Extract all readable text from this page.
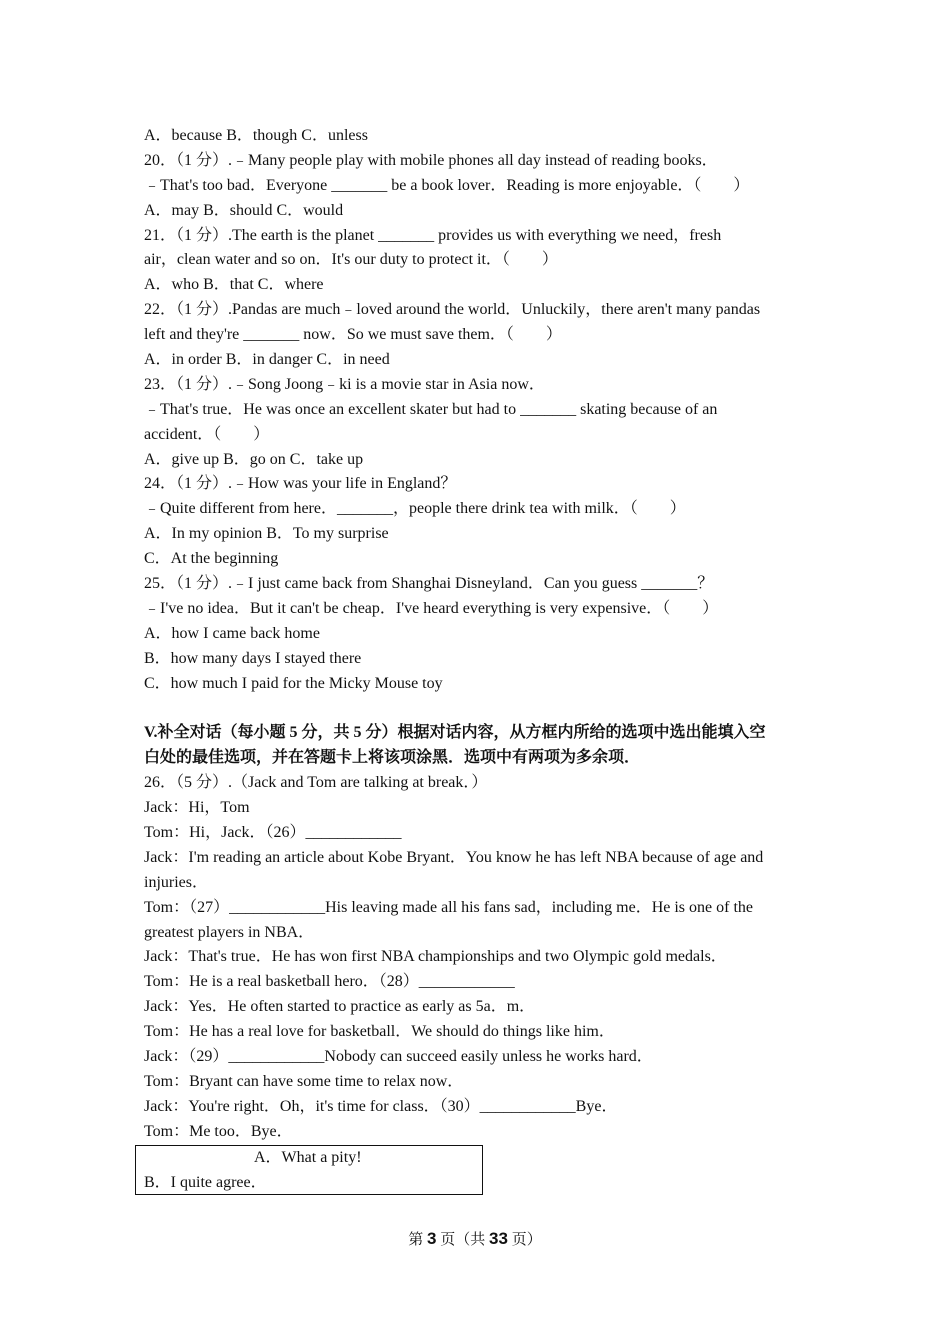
A．because B．though C．unless
20．（1 分）.﹣Many people play with mobile phones all day instead of reading books．
﹣That's too bad．Everyone _______ be a book lover．Reading is more enjoyable．（　　）
A．may B．should C．would
21．（1 分）.The earth is the planet _______ provides us with everything we need，fresh
air，clean water and so on．It's our duty to protect it．（　　）
A．who B．that C．where
22．（1 分）.Pandas are much﹣loved around the world．Unluckily，there aren't many pandas
left and they're _______ now．So we must save them．（　　）
A．in order B．in danger C．in need
23．（1 分）.﹣Song Joong﹣ki is a movie star in Asia now．
﹣That's true．He was once an excellent skater but had to _______ skating because of an
accident．（　　）
A．give up B．go on C．take up
24．（1 分）.﹣How was your life in England？
﹣Quite different from here．_______，people there drink tea with milk．（　　）
A．In my opinion B．To my surprise
C．At the beginning
25．（1 分）.﹣I just came back from Shanghai Disneyland．Can you guess _______？
﹣I've no idea．But it can't be cheap．I've heard everything is very expensive．（　　）
A．how I came back home
B．how many days I stayed there
C．how much I paid for the Micky Mouse toy
V.补全对话（每小题 5 分，共 5 分）根据对话内容，从方框内所给的选项中选出能填入空
白处的最佳选项，并在答题卡上将该项涂黑．选项中有两项为多余项．
26．（5 分）.（Jack and Tom are talking at break．）
Jack：Hi，Tom
Tom：Hi，Jack．（26）____________
Jack：I'm reading an article about Kobe Bryant．You know he has left NBA because of age and
injuries．
Tom：（27）____________His leaving made all his fans sad，including me．He is one of the
greatest players in NBA．
Jack：That's true．He has won first NBA championships and two Olympic gold medals．
Tom：He is a real basketball hero．（28）____________
Jack：Yes．He often started to practice as early as 5a．m．
Tom：He has a real love for basketball．We should do things like him．
Jack：（29）____________Nobody can succeed easily unless he works hard．
Tom：Bryant can have some time to relax now．
Jack：You're right．Oh，it's time for class．（30）____________Bye．
Tom：Me too．Bye．
A．What a pity!
B．I quite agree．
第 3 页（共 33 页）
